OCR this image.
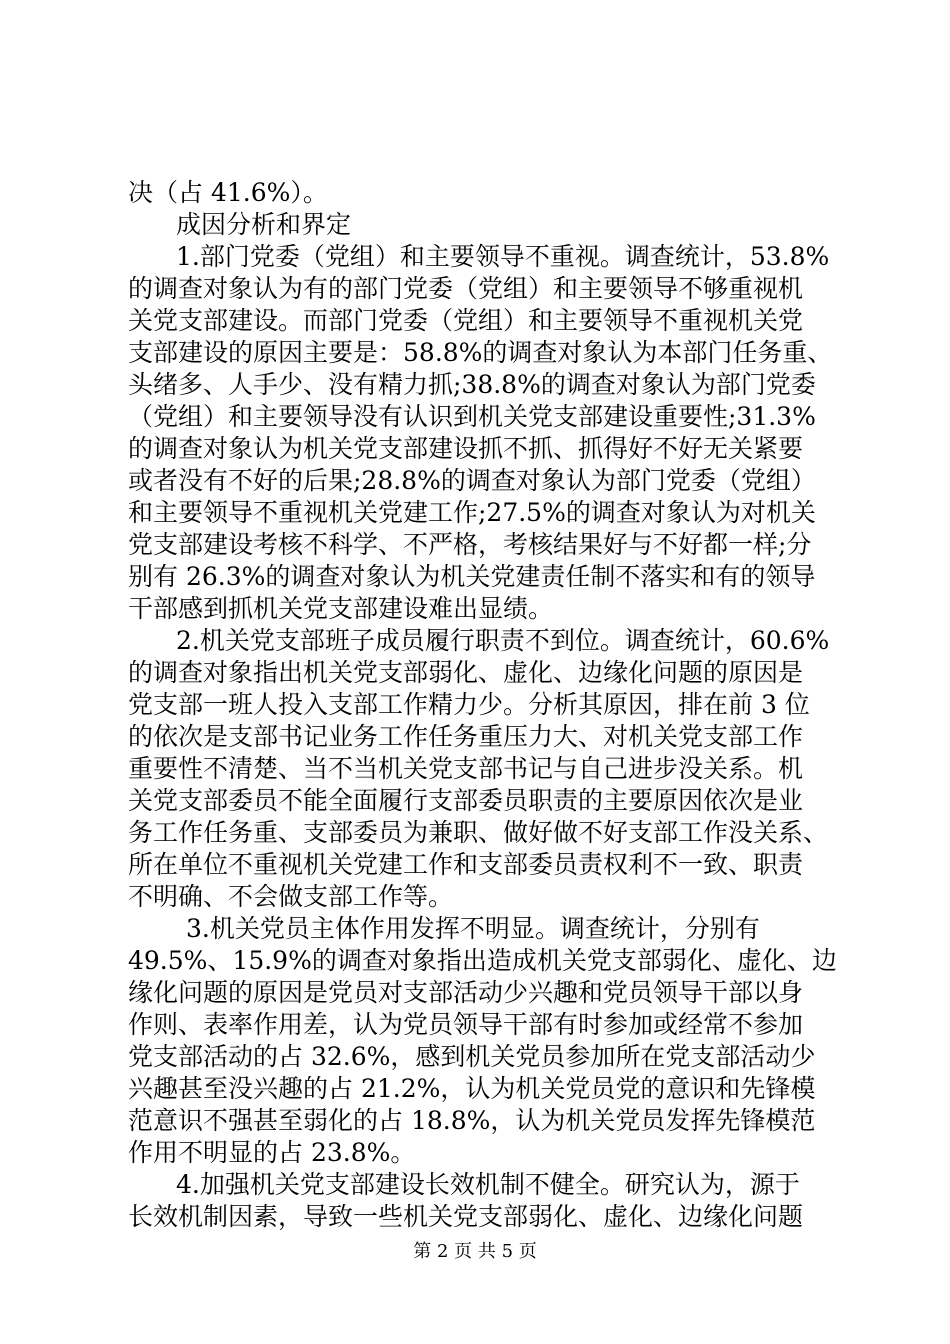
决（占 41.6%）。
成因分析和界定
1.部门党委（党组）和主要领导不重视。调查统计，53.8%
的调查对象认为有的部门党委（党组）和主要领导不够重视机
关党支部建设。而部门党委（党组）和主要领导不重视机关党
支部建设的原因主要是：58.8%的调查对象认为本部门任务重、
头绪多、人手少、没有精力抓;38.8%的调查对象认为部门党委
（党组）和主要领导没有认识到机关党支部建设重要性;31.3%
的调查对象认为机关党支部建设抓不抓、抓得好不好无关紧要
或者没有不好的后果;28.8%的调查对象认为部门党委（党组）
和主要领导不重视机关党建工作;27.5%的调查对象认为对机关
党支部建设考核不科学、不严格，考核结果好与不好都一样;分
别有 26.3%的调查对象认为机关党建责任制不落实和有的领导
干部感到抓机关党支部建设难出显绩。
2.机关党支部班子成员履行职责不到位。调查统计，60.6%
的调查对象指出机关党支部弱化、虚化、边缘化问题的原因是
党支部一班人投入支部工作精力少。分析其原因，排在前 3 位
的依次是支部书记业务工作任务重压力大、对机关党支部工作
重要性不清楚、当不当机关党支部书记与自己进步没关系。机
关党支部委员不能全面履行支部委员职责的主要原因依次是业
务工作任务重、支部委员为兼职、做好做不好支部工作没关系、
所在单位不重视机关党建工作和支部委员责权利不一致、职责
不明确、不会做支部工作等。
3.机关党员主体作用发挥不明显。调查统计，分别有
49.5%、15.9%的调查对象指出造成机关党支部弱化、虚化、边
缘化问题的原因是党员对支部活动少兴趣和党员领导干部以身
作则、表率作用差，认为党员领导干部有时参加或经常不参加
党支部活动的占 32.6%，感到机关党员参加所在党支部活动少
兴趣甚至没兴趣的占 21.2%，认为机关党员党的意识和先锋模
范意识不强甚至弱化的占 18.8%，认为机关党员发挥先锋模范
作用不明显的占 23.8%。
4.加强机关党支部建设长效机制不健全。研究认为，源于
长效机制因素，导致一些机关党支部弱化、虚化、边缘化问题
第 2 页 共 5 页
